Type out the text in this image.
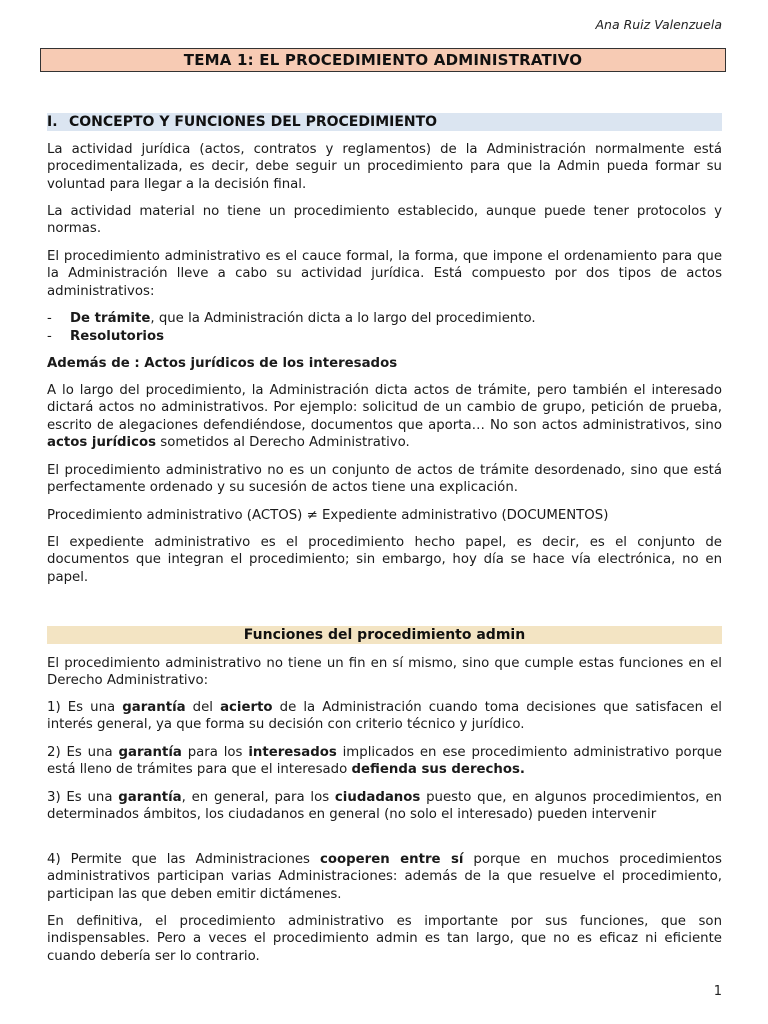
Ana Ruiz Valenzuela
TEMA 1: EL PROCEDIMIENTO ADMINISTRATIVO
I. CONCEPTO Y FUNCIONES DEL PROCEDIMIENTO
La actividad jurídica (actos, contratos y reglamentos) de la Administración normalmente está procedimentalizada, es decir, debe seguir un procedimiento para que la Admin pueda formar su voluntad para llegar a la decisión final.
La actividad material no tiene un procedimiento establecido, aunque puede tener protocolos y normas.
El procedimiento administrativo es el cauce formal, la forma, que impone el ordenamiento para que la Administración lleve a cabo su actividad jurídica. Está compuesto por dos tipos de actos administrativos:
- De trámite, que la Administración dicta a lo largo del procedimiento.
- Resolutorios
Además de : Actos jurídicos de los interesados
A lo largo del procedimiento, la Administración dicta actos de trámite, pero también el interesado dictará actos no administrativos. Por ejemplo: solicitud de un cambio de grupo, petición de prueba, escrito de alegaciones defendiéndose, documentos que aporta… No son actos administrativos, sino actos jurídicos sometidos al Derecho Administrativo.
El procedimiento administrativo no es un conjunto de actos de trámite desordenado, sino que está perfectamente ordenado y su sucesión de actos tiene una explicación.
Procedimiento administrativo (ACTOS) ≠ Expediente administrativo (DOCUMENTOS)
El expediente administrativo es el procedimiento hecho papel, es decir, es el conjunto de documentos que integran el procedimiento; sin embargo, hoy día se hace vía electrónica, no en papel.
Funciones del procedimiento admin
El procedimiento administrativo no tiene un fin en sí mismo, sino que cumple estas funciones en el Derecho Administrativo:
1) Es una garantía del acierto de la Administración cuando toma decisiones que satisfacen el interés general, ya que forma su decisión con criterio técnico y jurídico.
2) Es una garantía para los interesados implicados en ese procedimiento administrativo porque está lleno de trámites para que el interesado defienda sus derechos.
3) Es una garantía, en general, para los ciudadanos puesto que, en algunos procedimientos, en determinados ámbitos, los ciudadanos en general (no solo el interesado) pueden intervenir
4) Permite que las Administraciones cooperen entre sí porque en muchos procedimientos administrativos participan varias Administraciones: además de la que resuelve el procedimiento, participan las que deben emitir dictámenes.
En definitiva, el procedimiento administrativo es importante por sus funciones, que son indispensables. Pero a veces el procedimiento admin es tan largo, que no es eficaz ni eficiente cuando debería ser lo contrario.
1
